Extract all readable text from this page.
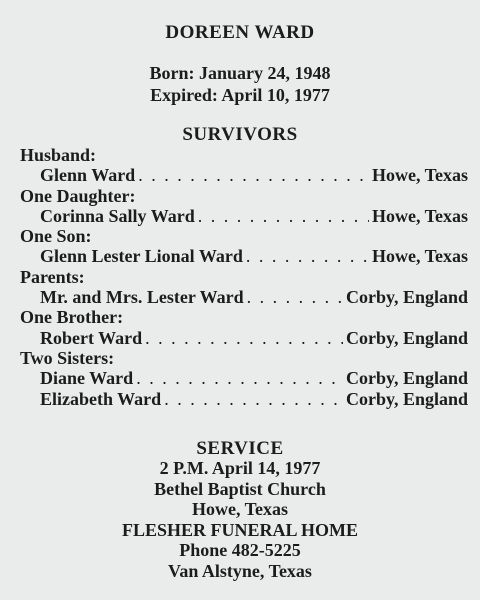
DOREEN WARD
Born: January 24, 1948
Expired: April 10, 1977
SURVIVORS
Husband:
Glenn Ward . . .	Howe, Texas
One Daughter:
Corinna Sally Ward . . .	Howe, Texas
One Son:
Glenn Lester Lional Ward . . .	Howe, Texas
Parents:
Mr. and Mrs. Lester Ward . . .	Corby, England
One Brother:
Robert Ward . . .	Corby, England
Two Sisters:
Diane Ward . . .	Corby, England
Elizabeth Ward . . .	Corby, England
SERVICE
2 P.M. April 14, 1977
Bethel Baptist Church
Howe, Texas
FLESHER FUNERAL HOME
Phone 482-5225
Van Alstyne, Texas
